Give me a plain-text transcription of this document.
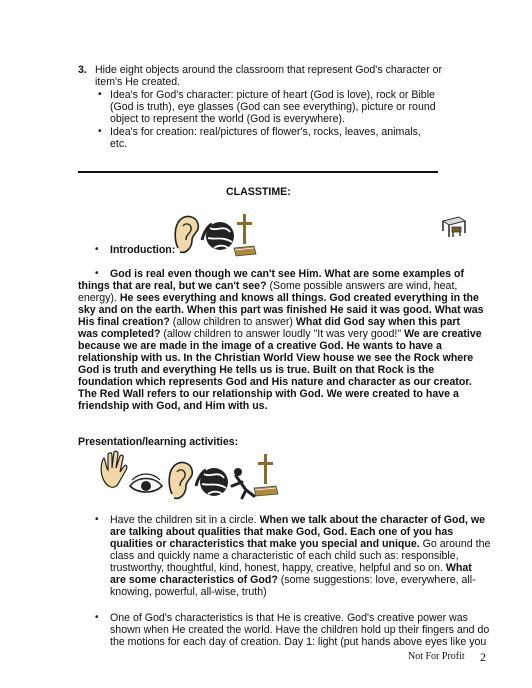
3. Hide eight objects around the classroom that represent God's character or
item's He created.
• Idea's for God's character: picture of heart (God is love), rock or Bible
(God is truth), eye glasses (God can see everything), picture or round
object to represent the world (God is everywhere).
• Idea's for creation: real/pictures of flower's, rocks, leaves, animals,
etc.
CLASSTIME:
• Introduction:
• God is real even though we can't see Him. What are some examples of
things that are real, but we can't see? (Some possible answers are wind, heat,
energy). He sees everything and knows all things. God created everything in the
sky and on the earth. When this part was finished He said it was good. What was
His final creation? (allow children to answer) What did God say when this part
was completed? (allow children to answer loudly "It was very good!" We are creative
because we are made in the image of a creative God. He wants to have a
relationship with us. In the Christian World View house we see the Rock where
God is truth and everything He tells us is true. Built on that Rock is the
foundation which represents God and His nature and character as our creator.
The Red Wall refers to our relationship with God. We were created to have a
friendship with God, and Him with us.
Presentation/learning activities:
• Have the children sit in a circle. When we talk about the character of God, we
are talking about qualities that make God, God. Each one of you has
qualities or characteristics that make you special and unique. Go around the
class and quickly name a characteristic of each child such as: responsible,
trustworthy, thoughtful, kind, honest, happy, creative, helpful and so on. What
are some characteristics of God? (some suggestions: love, everywhere, all-
knowing, powerful, all-wise, truth)
• One of God's characteristics is that He is creative. God's creative power was
shown when He created the world. Have the children hold up their fingers and do
the motions for each day of creation. Day 1: light (put hands above eyes like you
Not For Profit 2
